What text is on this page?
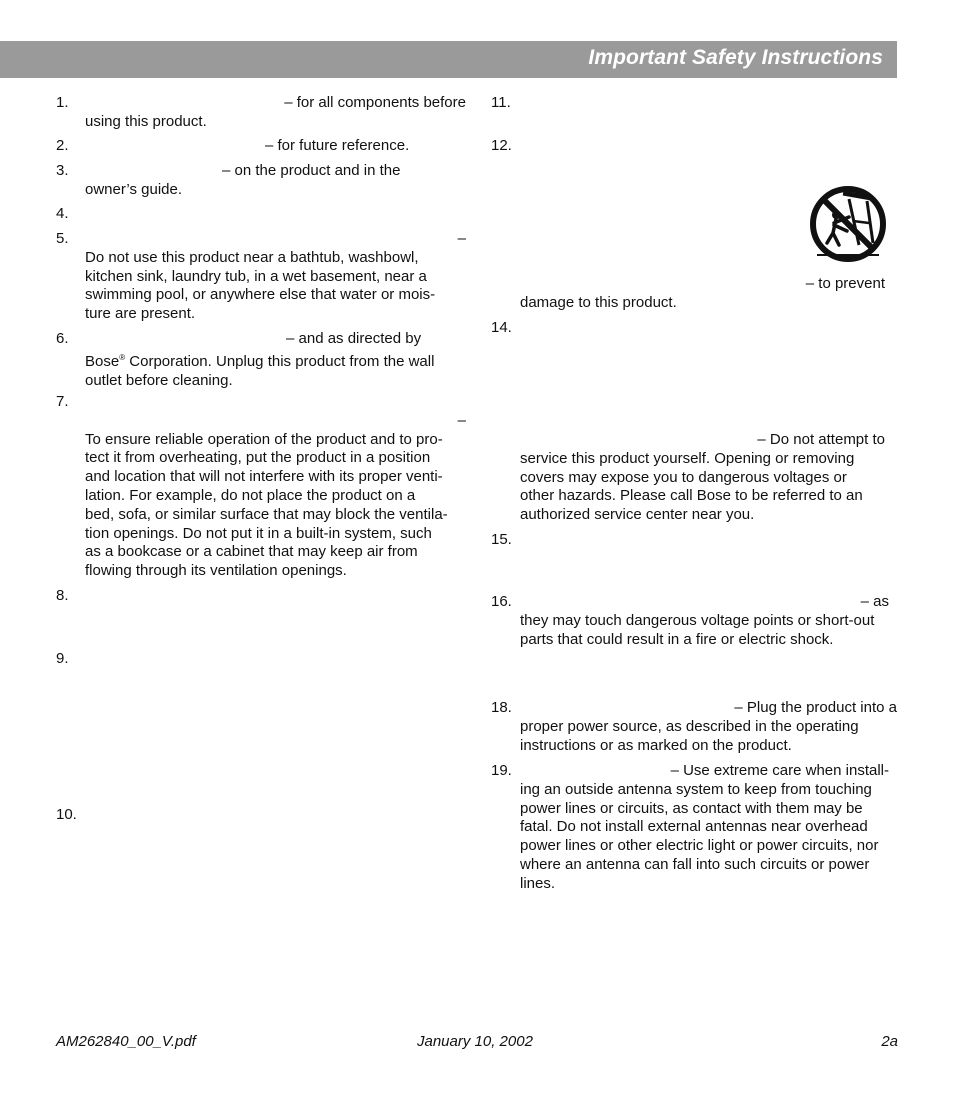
Important Safety Instructions
1.	– for all components before

using this product.

2.	– for future reference.

3.	– on the product and in the

owner’s guide.

4.
5.	–

Do not use this product near a bathtub, washbowl,

kitchen sink, laundry tub, in a wet basement, near a

swimming pool, or anywhere else that water or mois-

ture are present.

6.	– and as directed by

Bose® Corporation. Unplug this product from the wall

outlet before cleaning.

7.

–

To ensure reliable operation of the product and to pro-

tect it from overheating, put the product in a position

and location that will not interfere with its proper venti-

lation. For example, do not place the product on a

bed, sofa, or similar surface that may block the ventila-

tion openings. Do not put it in a built-in system, such

as a bookcase or a cabinet that may keep air from

flowing through its ventilation openings.

8.
9.
10.
11.
12.

– to prevent

damage to this product.

14.

– Do not attempt to

service this product yourself. Opening or removing

covers may expose you to dangerous voltages or

other hazards. Please call Bose to be referred to an

authorized service center near you.

15.
16.	– as

they may touch dangerous voltage points or short-out

parts that could result in a fire or electric shock.

18.	– Plug the product into a

proper power source, as described in the operating

instructions or as marked on the product.

19.	– Use extreme care when install-

ing an outside antenna system to keep from touching

power lines or circuits, as contact with them may be

fatal. Do not install external antennas near overhead

power lines or other electric light or power circuits, nor

where an antenna can fall into such circuits or power

lines.

AM262840_00_V.pdf	January 10, 2002	2a
